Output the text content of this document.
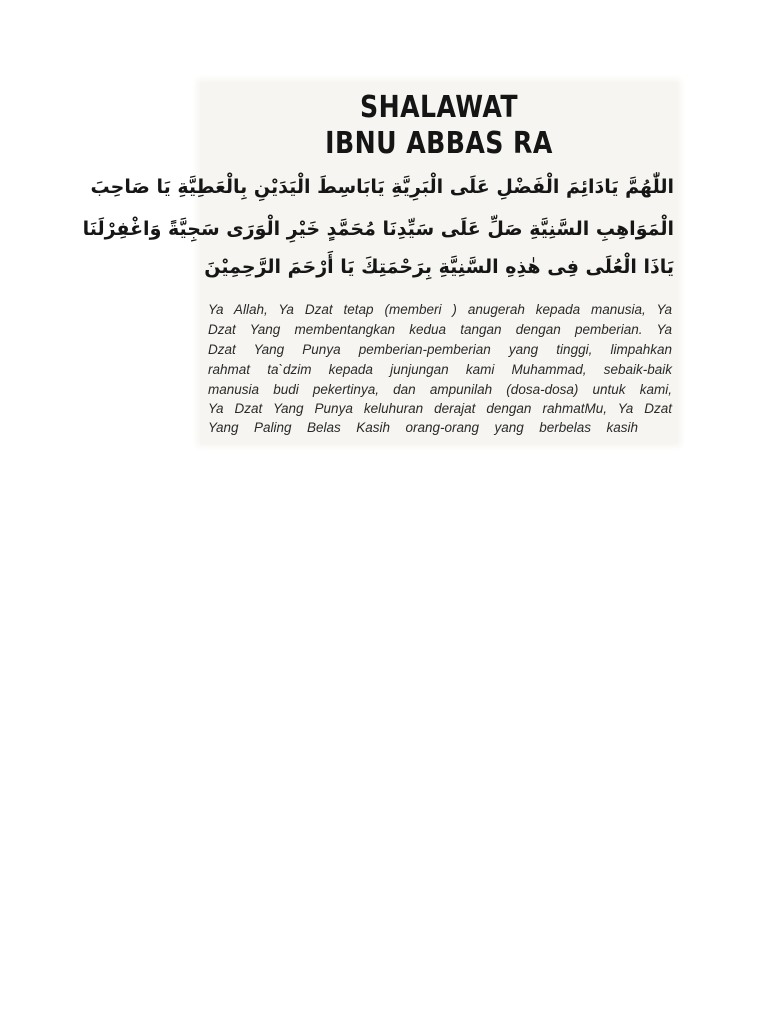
SHALAWAT
IBNU ABBAS RA
اللّٰهُمَّ يَادَائِمَ الْفَضْلِ عَلَى الْبَرِيَّةِ يَابَاسِطَ الْيَدَيْنِ بِالْعَطِيَّةِ يَا صَاحِبَ
الْمَوَاهِبِ السَّنِيَّةِ صَلِّ عَلَى سَيِّدِنَا مُحَمَّدٍ خَيْرِ الْوَرَى سَجِيَّةً وَاغْفِرْلَنَا
يَاذَا الْعُلَى فِى هٰذِهِ السَّنِيَّةِ بِرَحْمَتِكَ يَا أَرْحَمَ الرَّحِمِيْنَ
Ya Allah, Ya Dzat tetap (memberi ) anugerah kepada manusia, Ya
Dzat Yang membentangkan kedua tangan dengan pemberian. Ya
Dzat Yang Punya pemberian-pemberian yang tinggi, limpahkan
rahmat ta`dzim kepada junjungan kami Muhammad, sebaik-baik
manusia budi pekertinya, dan ampunilah (dosa-dosa) untuk kami,
Ya Dzat Yang Punya keluhuran derajat dengan rahmatMu, Ya Dzat
Yang Paling Belas Kasih orang-orang yang berbelas kasih
